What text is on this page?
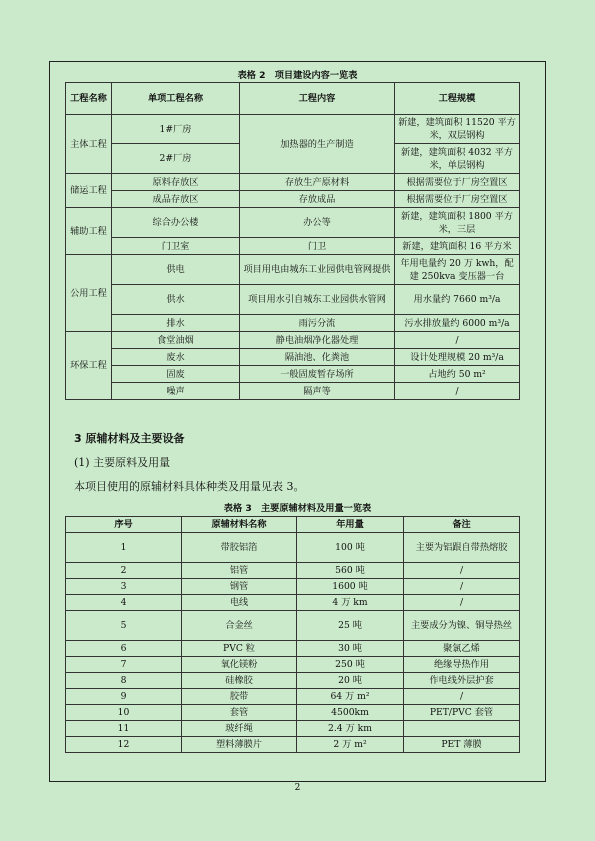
表格 2　项目建设内容一览表
工程名称	单项工程名称	工程内容	工程规模
主体工程	1#厂房	加热器的生产制造	新建，建筑面积 11520 平方米，双层钢构
	2#厂房		新建，建筑面积 4032 平方米，单层钢构
储运工程	原料存放区	存放生产原材料	根据需要位于厂房空置区
	成品存放区	存放成品	根据需要位于厂房空置区
辅助工程	综合办公楼	办公等	新建，建筑面积 1800 平方米，三层
	门卫室	门卫	新建，建筑面积 16 平方米
公用工程	供电	项目用电由城东工业园供电管网提供	年用电量约 20 万 kwh，配建 250kva 变压器一台
	供水	项目用水引自城东工业园供水管网	用水量约 7660 m³/a
	排水	雨污分流	污水排放量约 6000 m³/a
环保工程	食堂油烟	静电油烟净化器处理	/
	废水	隔油池、化粪池	设计处理规模 20 m³/a
	固废	一般固废暂存场所	占地约 50 m²
	噪声	隔声等	/
3 原辅材料及主要设备
(1) 主要原料及用量
本项目使用的原辅材料具体种类及用量见表 3。
表格 3　主要原辅材料及用量一览表
序号	原辅材料名称	年用量	备注
1	带胶铝箔	100 吨	主要为铝跟自带热熔胶
2	铝管	560 吨	/
3	钢管	1600 吨	/
4	电线	4 万 km	/
5	合金丝	25 吨	主要成分为镍、铜导热丝
6	PVC 粒	30 吨	聚氯乙烯
7	氧化镁粉	250 吨	绝缘导热作用
8	硅橡胶	20 吨	作电线外层护套
9	胶带	64 万 m²	/
10	套管	4500km	PET/PVC 套管
11	玻纤绳	2.4 万 km	
12	塑料薄膜片	2 万 m²	PET 薄膜
2
